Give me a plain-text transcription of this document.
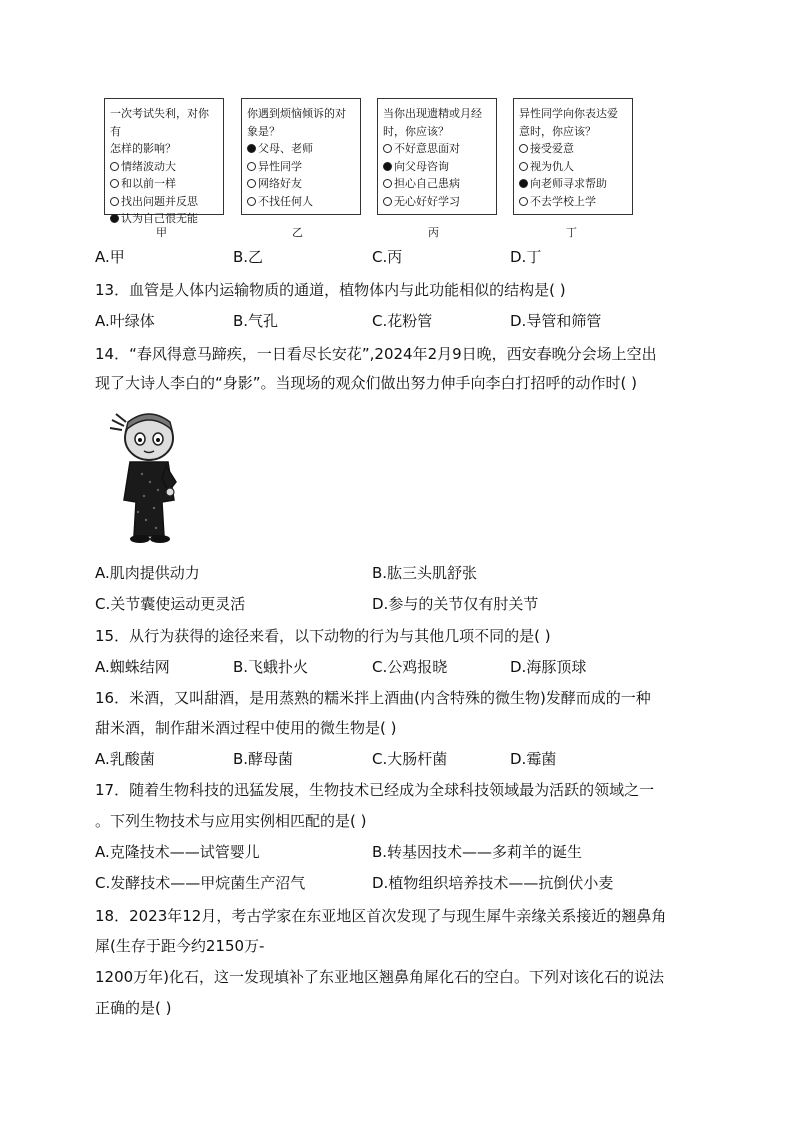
一次考试失利，对你有
怎样的影响？
情绪波动大
和以前一样
找出问题并反思
认为自己很无能
甲
你遇到烦恼倾诉的对
象是？
父母、老师
异性同学
网络好友
不找任何人
乙
当你出现遗精或月经
时，你应该？
不好意思面对
向父母咨询
担心自己患病
无心好好学习
丙
异性同学向你表达爱
意时，你应该？
接受爱意
视为仇人
向老师寻求帮助
不去学校上学
丁
A.甲	B.乙	C.丙	D.丁
13．血管是人体内运输物质的通道，植物体内与此功能相似的结构是( )
A.叶绿体	B.气孔	C.花粉管	D.导管和筛管
14．“春风得意马蹄疾，一日看尽长安花”,2024年2月9日晚，西安春晚分会场上空出
现了大诗人李白的“身影”。当现场的观众们做出努力伸手向李白打招呼的动作时( )
A.肌肉提供动力	B.肱三头肌舒张
C.关节囊使运动更灵活	D.参与的关节仅有肘关节
15．从行为获得的途径来看，以下动物的行为与其他几项不同的是( )
A.蜘蛛结网	B.飞蛾扑火	C.公鸡报晓	D.海豚顶球
16．米酒，又叫甜酒，是用蒸熟的糯米拌上酒曲(内含特殊的微生物)发酵而成的一种
甜米酒，制作甜米酒过程中使用的微生物是( )
A.乳酸菌	B.酵母菌	C.大肠杆菌	D.霉菌
17．随着生物科技的迅猛发展，生物技术已经成为全球科技领域最为活跃的领域之一
。下列生物技术与应用实例相匹配的是( )
A.克隆技术——试管婴儿	B.转基因技术——多莉羊的诞生
C.发酵技术——甲烷菌生产沼气	D.植物组织培养技术——抗倒伏小麦
18．2023年12月，考古学家在东亚地区首次发现了与现生犀牛亲缘关系接近的翘鼻角
犀(生存于距今约2150万-
1200万年)化石，这一发现填补了东亚地区翘鼻角犀化石的空白。下列对该化石的说法
正确的是( )
